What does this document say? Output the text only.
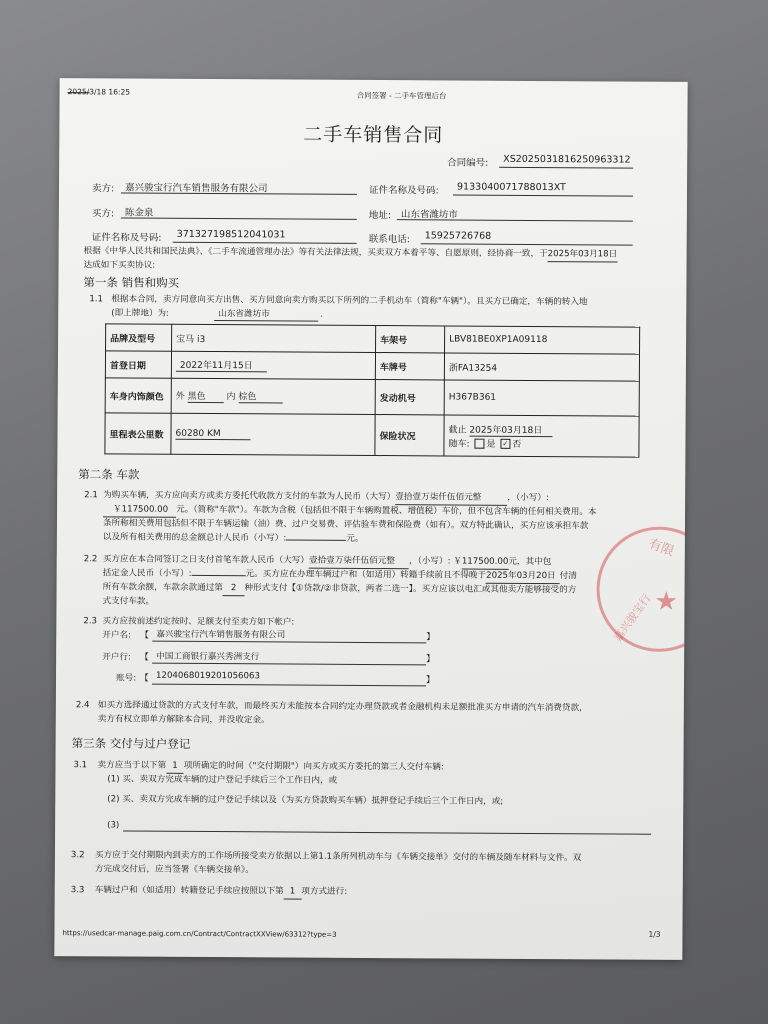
2025/3/18 16:25	合同签署 - 二手车管理后台
二手车销售合同
合同编号: XS2025031816250963312
卖方: 嘉兴骏宝行汽车销售服务有限公司	证件名称及号码: 9133040071788013XT
买方: 陈金泉	地址: 山东省潍坊市
证件名称及号码: 371327198512041031	联系电话: 15925726768
根据《中华人民共和国民法典》、《二手车流通管理办法》等有关法律法规，买卖双方本着平等、自愿原则，经协商一致，于2025年03月18日
达成如下买卖协议:
第一条 销售和购买
1.1 根据本合同，卖方同意向买方出售、买方同意向卖方购买以下所列的二手机动车（简称"车辆"）。且买方已确定，车辆的转入地
(即上牌地）为:	山东省潍坊市	.
品牌及型号	宝马 i3	车架号	LBV81BE0XP1A09118
首登日期	2022年11月15日	车牌号	浙FA13254
车身内饰颜色	外 黑色 内 棕色	发动机号	H367B361
里程表公里数	60280 KM	保险状况	截止 2025年03月18日
随车: 是 ✓ 否
第二条 车款
2.1 为购买车辆，买方应向卖方或卖方委托代收款方支付的车款为人民币（大写）壹拾壹万柒仟伍佰元整	，（小写）:
￥117500.00 元。（简称"车款"）。车款为含税（包括但不限于车辆购置税、增值税）车价，但不包含车辆的任何相关费用。本
条所称相关费用包括但不限于车辆运输（油）费、过户交易费、评估验车费和保险费（如有）。双方特此确认，买方应该承担车款
以及所有相关费用的总金额总计人民币（小写）:	元。
2.2 买方应在本合同签订之日支付首笔车款人民币（大写）壹拾壹万柒仟伍佰元整 ，（小写）: ￥117500.00元，其中包
括定金人民币（小写）:	元。买方应在办理车辆过户和（如适用）转籍手续前且不得晚于2025年03月20日 付清
所有车款余额，车款余款通过第 2 种形式支付【①贷款/②非贷款，两者二选一】。买方应该以电汇或其他卖方能够接受的方
式支付车款。
2.3 买方应按前述约定按时、足额支付至卖方如下帐户:
开户名: 【 嘉兴骏宝行汽车销售服务有限公司	】
开户行: 【 中国工商银行嘉兴秀洲支行	】
账号: 【 1204068019201056063	】
2.4 如买方选择通过贷款的方式支付车款，而最终买方未能按本合同约定办理贷款或者金融机构未足额批准买方申请的汽车消费贷款，
卖方有权立即单方解除本合同，并没收定金。
第三条 交付与过户登记
3.1 卖方应当于以下第 1 项所确定的时间（"交付期限"）向买方或买方委托的第三人交付车辆:
(1) 买、卖双方完成车辆的过户登记手续后三个工作日内，或
(2) 买、卖双方完成车辆的过户登记手续以及（为买方贷款购买车辆）抵押登记手续后三个工作日内，或;
(3)
3.2 买方应于交付期限内到卖方的工作场所接受卖方依据以上第1.1条所列机动车与《车辆交接单》交付的车辆及随车材料与文件。双
方完成交付后，应当签署《车辆交接单》。
3.3 车辆过户和（如适用）转籍登记手续应按照以下第 1 项方式进行:
★
有限
嘉兴骏宝行
https://usedcar-manage.paig.com.cn/Contract/ContractXXView/63312?type=3	1/3
